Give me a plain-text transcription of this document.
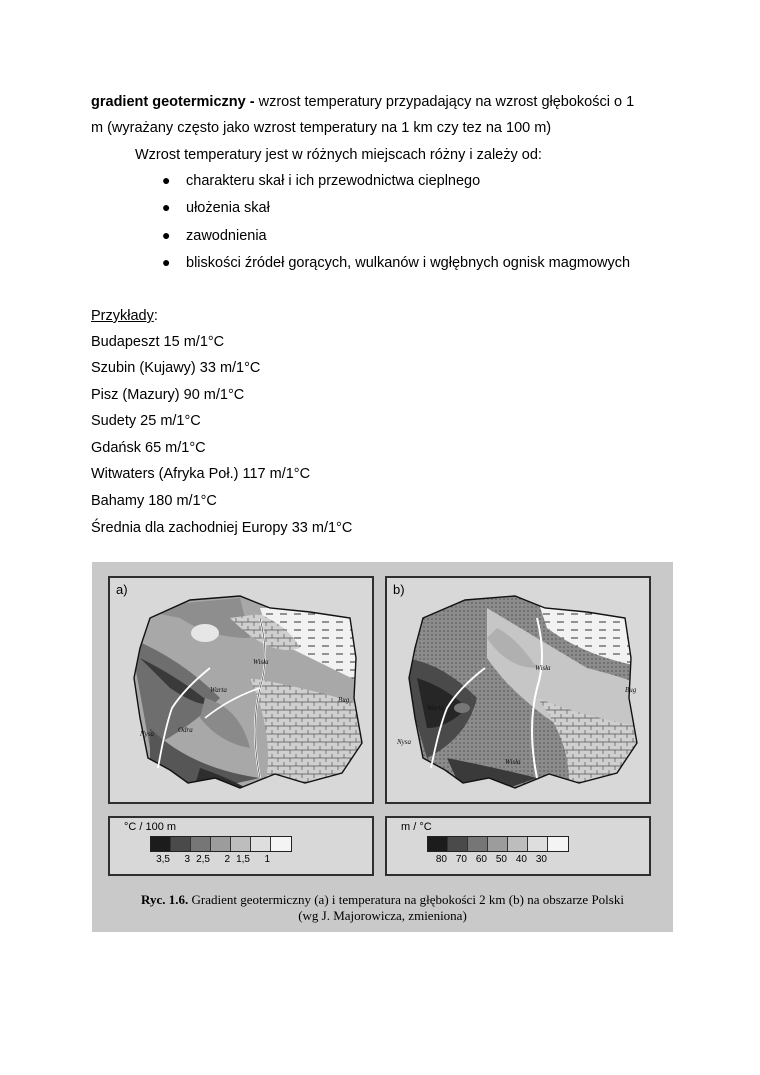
gradient geotermiczny - wzrost temperatury przypadający na wzrost głębokości o 1
m (wyrażany często jako wzrost temperatury na 1 km czy tez na 100 m)
Wzrost temperatury jest w różnych miejscach różny i zależy od:
● charakteru skał i ich przewodnictwa cieplnego
● ułożenia skał
● zawodnienia
● bliskości źródeł gorących, wulkanów i wgłębnych ognisk magmowych
Przykłady:
Budapeszt 15 m/1°C
Szubin (Kujawy) 33 m/1°C
Pisz (Mazury) 90 m/1°C
Sudety 25 m/1°C
Gdańsk 65 m/1°C
Witwaters (Afryka Poł.) 117 m/1°C
Bahamy 180 m/1°C
Średnia dla zachodniej Europy 33 m/1°C
a)
Wisła
Warta
Odra
Nysa
Bug
b)
Wisła
Wisła
Warta
Nysa
Bug
°C / 100 m
3,5	3 2,5	2 1,5	1
m / °C
80 70 60 50 40 30
Ryc. 1.6. Gradient geotermiczny (a) i temperatura na głębokości 2 km (b) na obszarze Polski
(wg J. Majorowicza, zmieniona)
